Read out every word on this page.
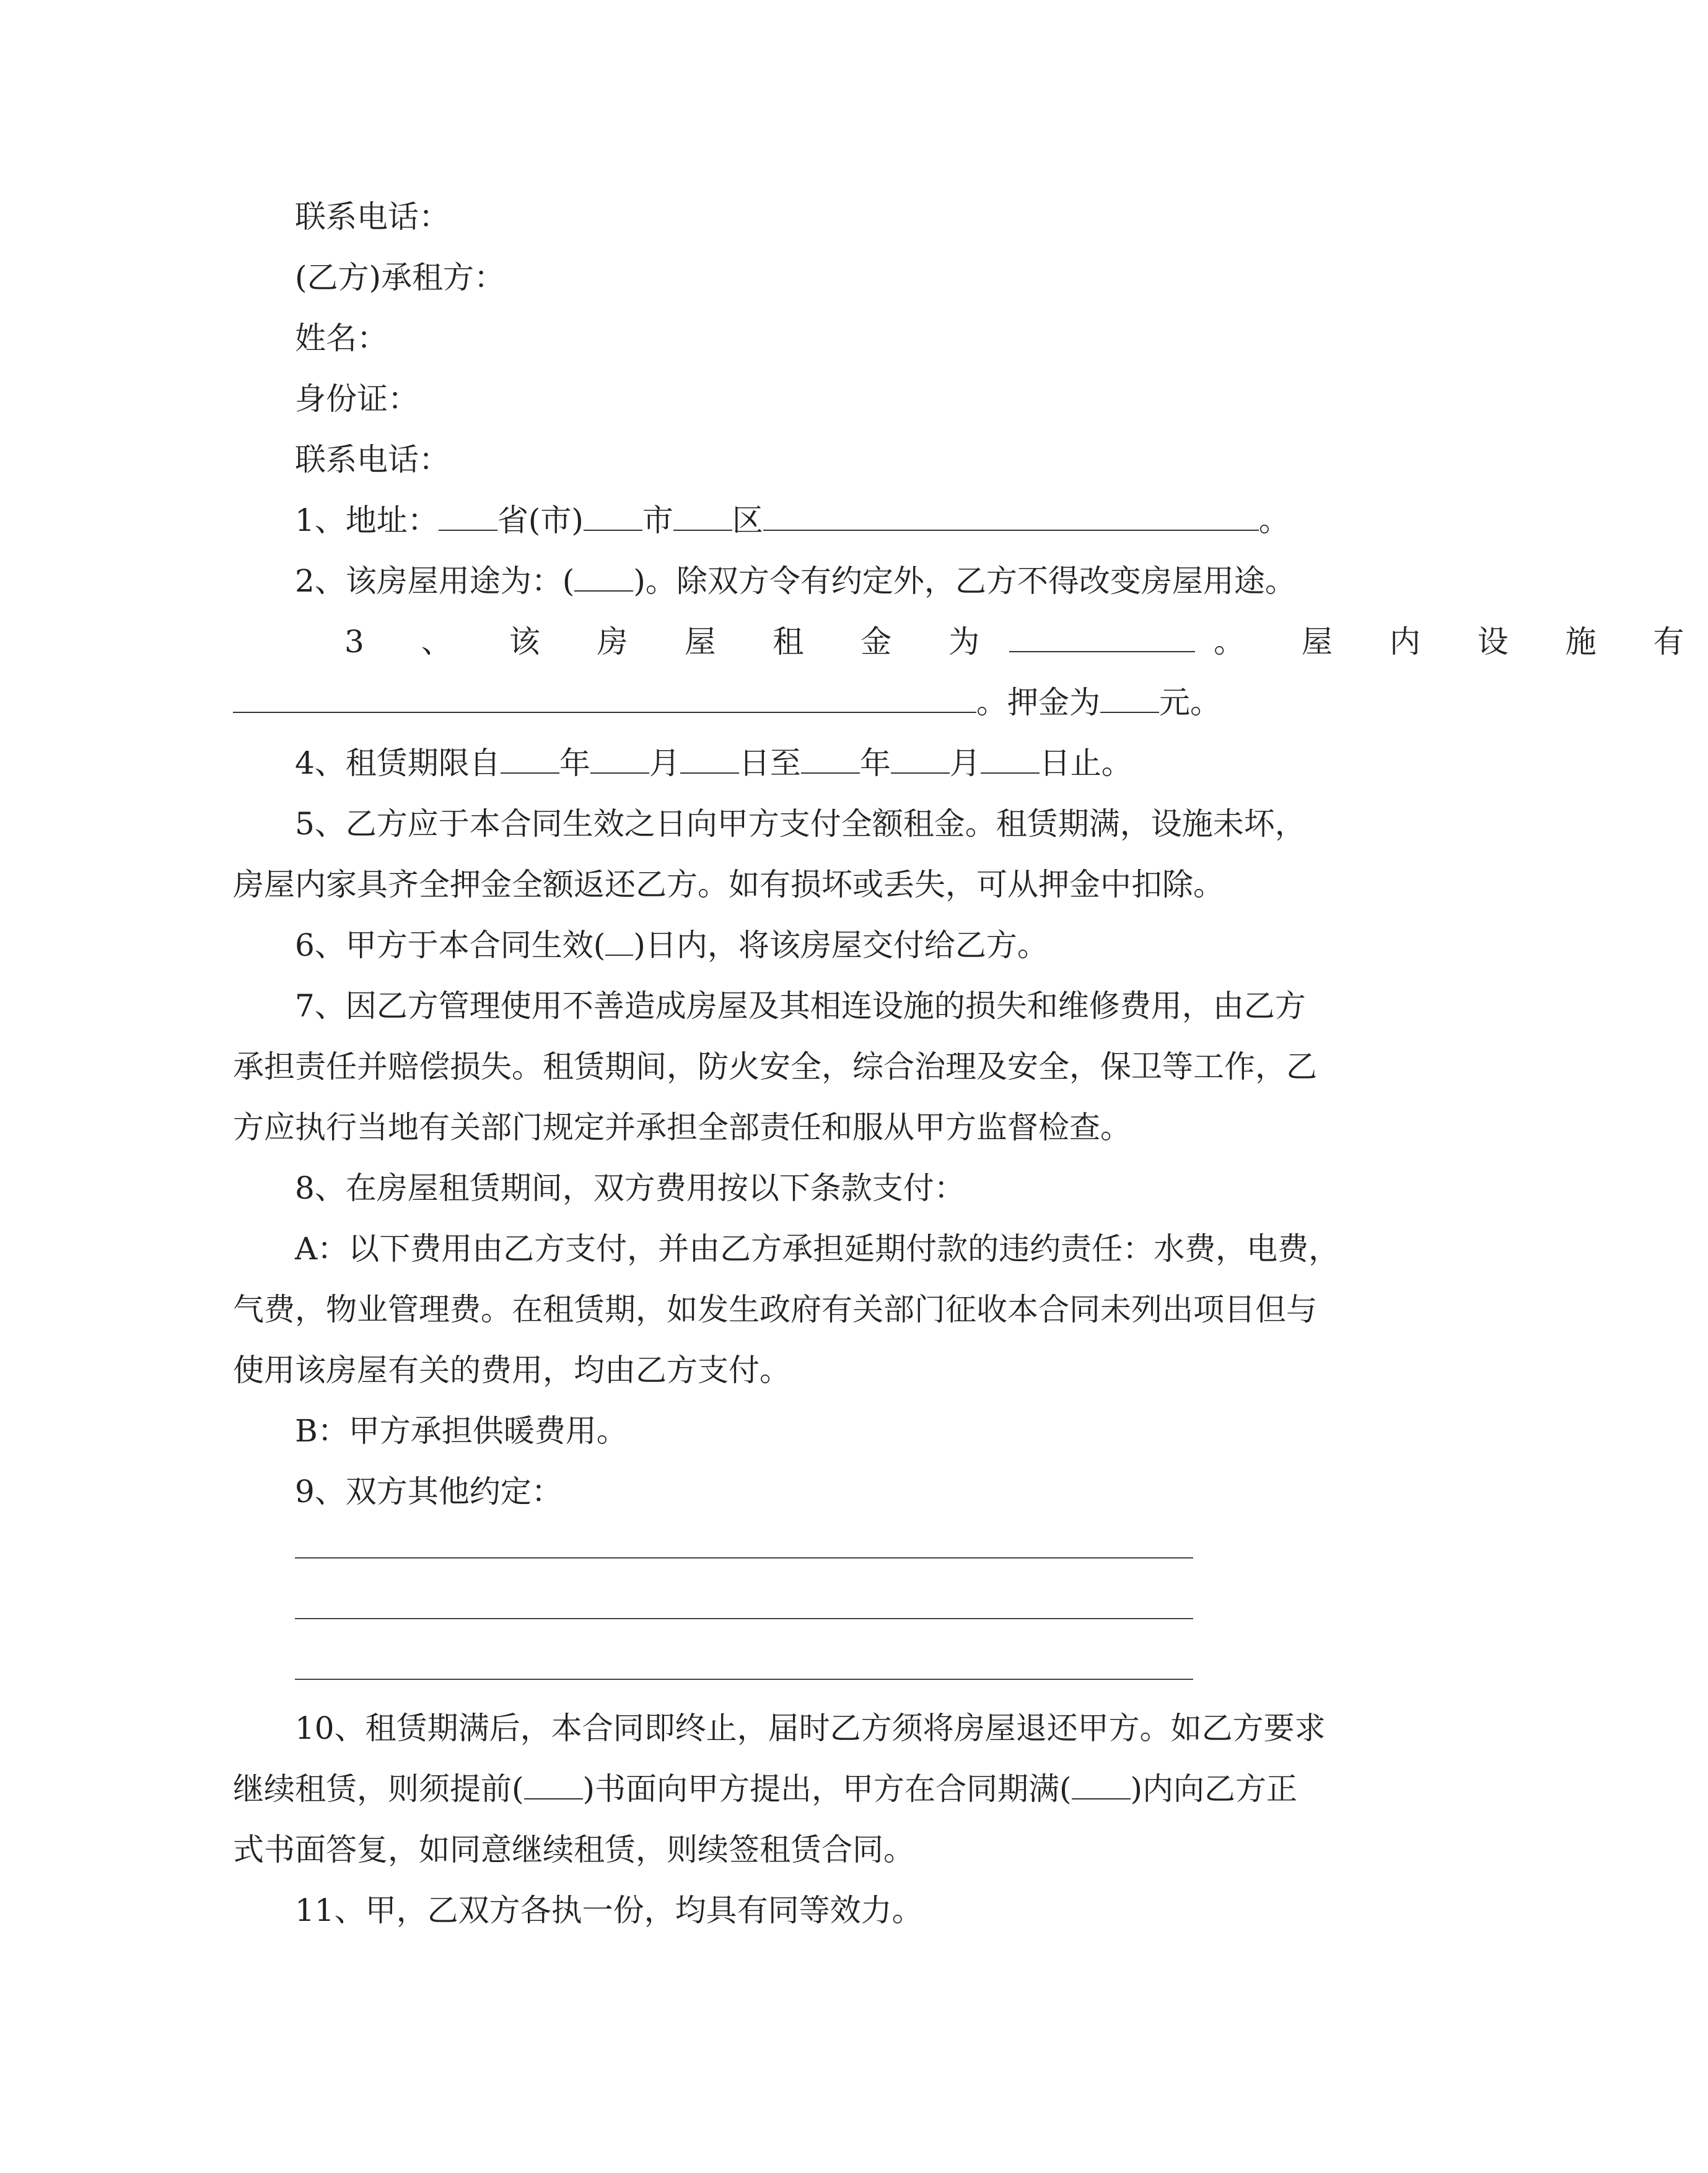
联系电话：
(乙方)承租方：
姓名：
身份证：
联系电话：
1、地址： 省(市) 市 区	。
2、该房屋用途为：( )。除双方令有约定外，乙方不得改变房屋用途。
3 、 该 房 屋 租 金 为	。 屋 内 设 施 有
。押金为 元。
4、租赁期限自 年 月 日至 年 月 日止。
5、乙方应于本合同生效之日向甲方支付全额租金。租赁期满，设施未坏，
房屋内家具齐全押金全额返还乙方。如有损坏或丢失，可从押金中扣除。
6、甲方于本合同生效( )日内，将该房屋交付给乙方。
7、因乙方管理使用不善造成房屋及其相连设施的损失和维修费用，由乙方
承担责任并赔偿损失。租赁期间，防火安全，综合治理及安全，保卫等工作，乙
方应执行当地有关部门规定并承担全部责任和服从甲方监督检查。
8、在房屋租赁期间，双方费用按以下条款支付：
A：以下费用由乙方支付，并由乙方承担延期付款的违约责任：水费，电费，
气费，物业管理费。在租赁期，如发生政府有关部门征收本合同未列出项目但与
使用该房屋有关的费用，均由乙方支付。
B：甲方承担供暖费用。
9、双方其他约定：
10、租赁期满后，本合同即终止，届时乙方须将房屋退还甲方。如乙方要求
继续租赁，则须提前( )书面向甲方提出，甲方在合同期满( )内向乙方正
式书面答复，如同意继续租赁，则续签租赁合同。
11、甲，乙双方各执一份，均具有同等效力。
